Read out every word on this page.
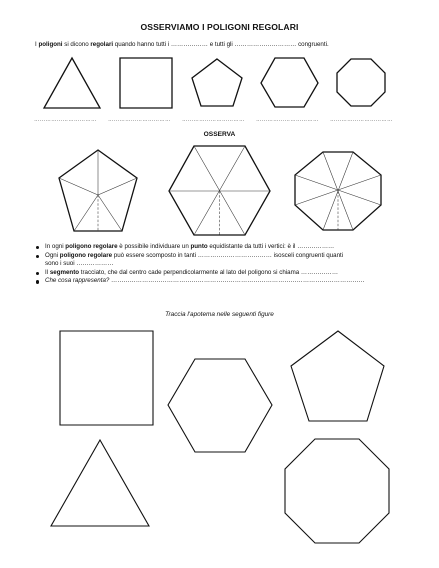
OSSERVIAMO I POLIGONI REGOLARI
I poligoni si dicono regolari quando hanno tutti i ……………… e tutti gli ………………………… congruenti.
…………………………… …………………………… …………………………… …………………………… ……………………………
OSSERVA
In ogni poligono regolare è possibile individuare un punto equidistante da tutti i vertici: è il ………………
Ogni poligono regolare può essere scomposto in tanti ……………………………… isosceli congruenti quanti
sono i suoi ………………
Il segmento tracciato, che dal centro cade perpendicolarmente al lato del poligono si chiama ………………
Che cosa rappresenta? ……………………………………………………………………………………………………………
Traccia l'apotema nelle seguenti figure
